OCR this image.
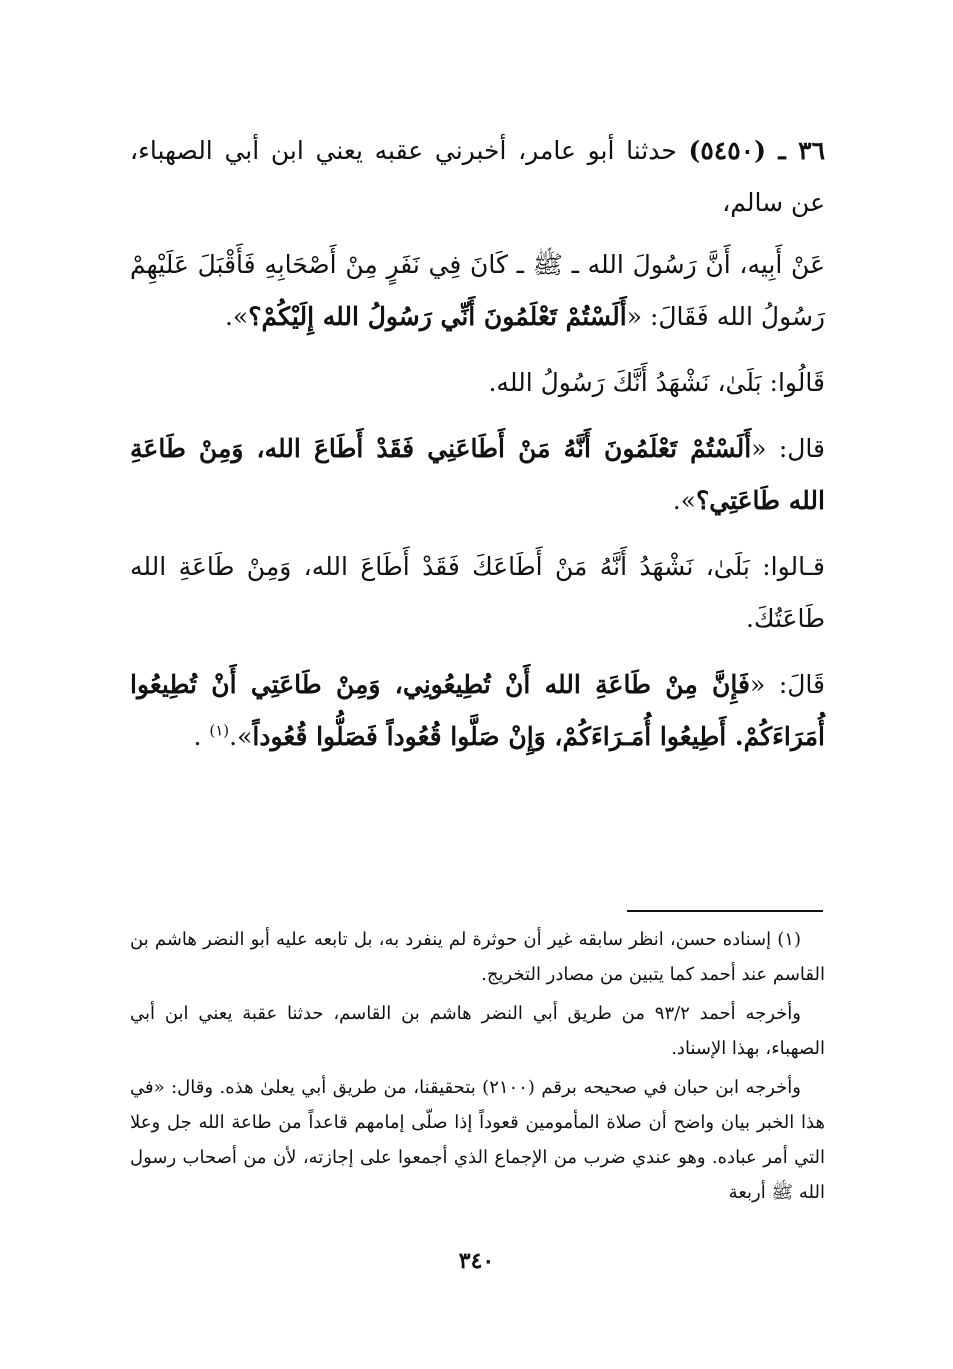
٣٦ ـ (٥٤٥٠) حدثنا أبو عامر، أخبرني عقبه يعني ابن أبي الصهباء، عن سالم،

عَنْ أَبِيه، أَنَّ رَسُولَ الله ـ ﷺ ـ كَانَ فِي نَفَرٍ مِنْ أَصْحَابِهِ فَأَقْبَلَ عَلَيْهِمْ رَسُولُ الله فَقَالَ: «أَلَسْتُمْ تَعْلَمُونَ أَنِّي رَسُولُ الله إِلَيْكُمْ؟».

قَالُوا: بَلَىٰ، نَشْهَدُ أَنَّكَ رَسُولُ الله.

قال: «أَلَسْتُمْ تَعْلَمُونَ أَنَّهُ مَنْ أَطَاعَنِي فَقَدْ أَطَاعَ الله، وَمِنْ طَاعَةِ الله طَاعَتِي؟».

قـالوا: بَلَىٰ، نَشْهَدُ أَنَّهُ مَنْ أَطَاعَكَ فَقَدْ أَطَاعَ الله، وَمِنْ طَاعَةِ الله طَاعَتُكَ.

قَالَ: «فَإِنَّ مِنْ طَاعَةِ الله أَنْ تُطِيعُونِي، وَمِنْ طَاعَتِي أَنْ تُطِيعُوا أُمَرَاءَكُمْ. أَطِيعُوا أُمَـرَاءَكُمْ، وَإِنْ صَلَّوا قُعُوداً فَصَلُّوا قُعُوداً».$^{(١)}$ .

(١) إسناده حسن، انظر سابقه غير أن حوثرة لم ينفرد به، بل تابعه عليه أبو النضر هاشم بن القاسم عند أحمد كما يتبين من مصادر التخريج.

وأخرجه أحمد ٩٣/٢ من طريق أبي النضر هاشم بن القاسم، حدثنا عقبة يعني ابن أبي الصهباء، بهذا الإسناد.

وأخرجه ابن حبان في صحيحه برقم (٢١٠٠) بتحقيقنا، من طريق أبي يعلىٰ هذه. وقال: «في هذا الخبر بيان واضح أن صلاة المأمومين قعوداً إذا صلّى إمامهم قاعداً من طاعة الله جل وعلا التي أمر عباده. وهو عندي ضرب من الإجماع الذي أجمعوا على إجازته، لأن من أصحاب رسول الله ﷺ أربعة

٣٤٠
